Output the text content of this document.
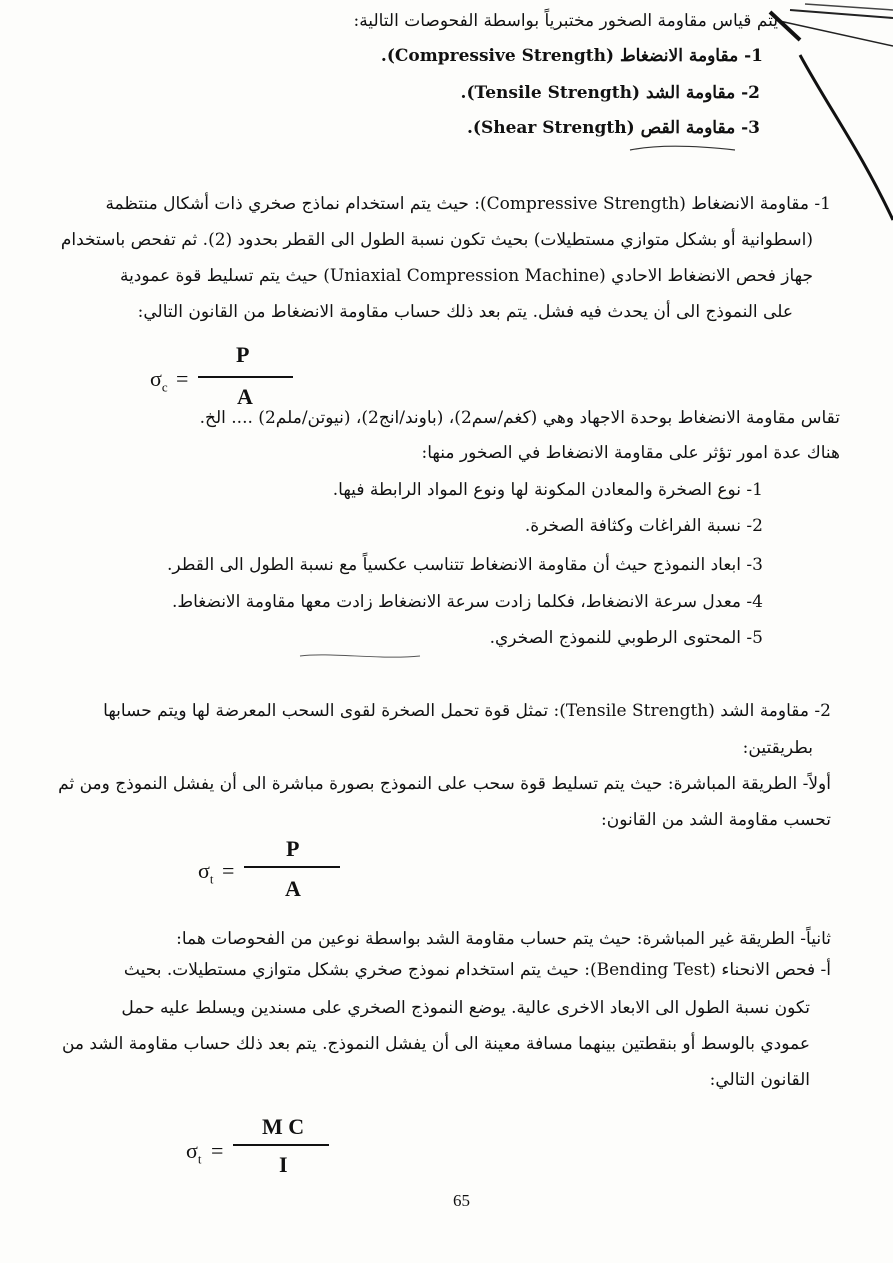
يتم قياس مقاومة الصخور مختبرياً بواسطة الفحوصات التالية:
1- مقاومة الانضغاط (Compressive Strength).
2- مقاومة الشد (Tensile Strength).
3- مقاومة القص (Shear Strength).
1- مقاومة الانضغاط (Compressive Strength): حيث يتم استخدام نماذج صخري ذات أشكال منتظمة
(اسطوانية أو بشكل متوازي مستطيلات) بحيث تكون نسبة الطول الى القطر بحدود (2). ثم تفحص باستخدام
جهاز فحص الانضغاط الاحادي (Uniaxial Compression Machine) حيث يتم تسليط قوة عمودية
على النموذج الى أن يحدث فيه فشل. يتم بعد ذلك حساب مقاومة الانضغاط من القانون التالي:
$\sigma_c$ =
P
A
تقاس مقاومة الانضغاط بوحدة الاجهاد وهي (كغم/سم2)، (باوند/انج2)، (نيوتن/ملم2) .... الخ.
هناك عدة امور تؤثر على مقاومة الانضغاط في الصخور منها:
1- نوع الصخرة والمعادن المكونة لها ونوع المواد الرابطة فيها.
2- نسبة الفراغات وكثافة الصخرة.
3- ابعاد النموذج حيث أن مقاومة الانضغاط تتناسب عكسياً مع نسبة الطول الى القطر.
4- معدل سرعة الانضغاط، فكلما زادت سرعة الانضغاط زادت معها مقاومة الانضغاط.
5- المحتوى الرطوبي للنموذج الصخري.
2- مقاومة الشد (Tensile Strength): تمثل قوة تحمل الصخرة لقوى السحب المعرضة لها ويتم حسابها
بطريقتين:
أولاً- الطريقة المباشرة: حيث يتم تسليط قوة سحب على النموذج بصورة مباشرة الى أن يفشل النموذج ومن ثم
تحسب مقاومة الشد من القانون:
$\sigma_t$ =
P
A
ثانياً- الطريقة غير المباشرة: حيث يتم حساب مقاومة الشد بواسطة نوعين من الفحوصات هما:
أ- فحص الانحناء (Bending Test): حيث يتم استخدام نموذج صخري بشكل متوازي مستطيلات. بحيث
تكون نسبة الطول الى الابعاد الاخرى عالية. يوضع النموذج الصخري على مسندين ويسلط عليه حمل
عمودي بالوسط أو بنقطتين بينهما مسافة معينة الى أن يفشل النموذج. يتم بعد ذلك حساب مقاومة الشد من
القانون التالي:
$\sigma_t$ =
M C
I
65
